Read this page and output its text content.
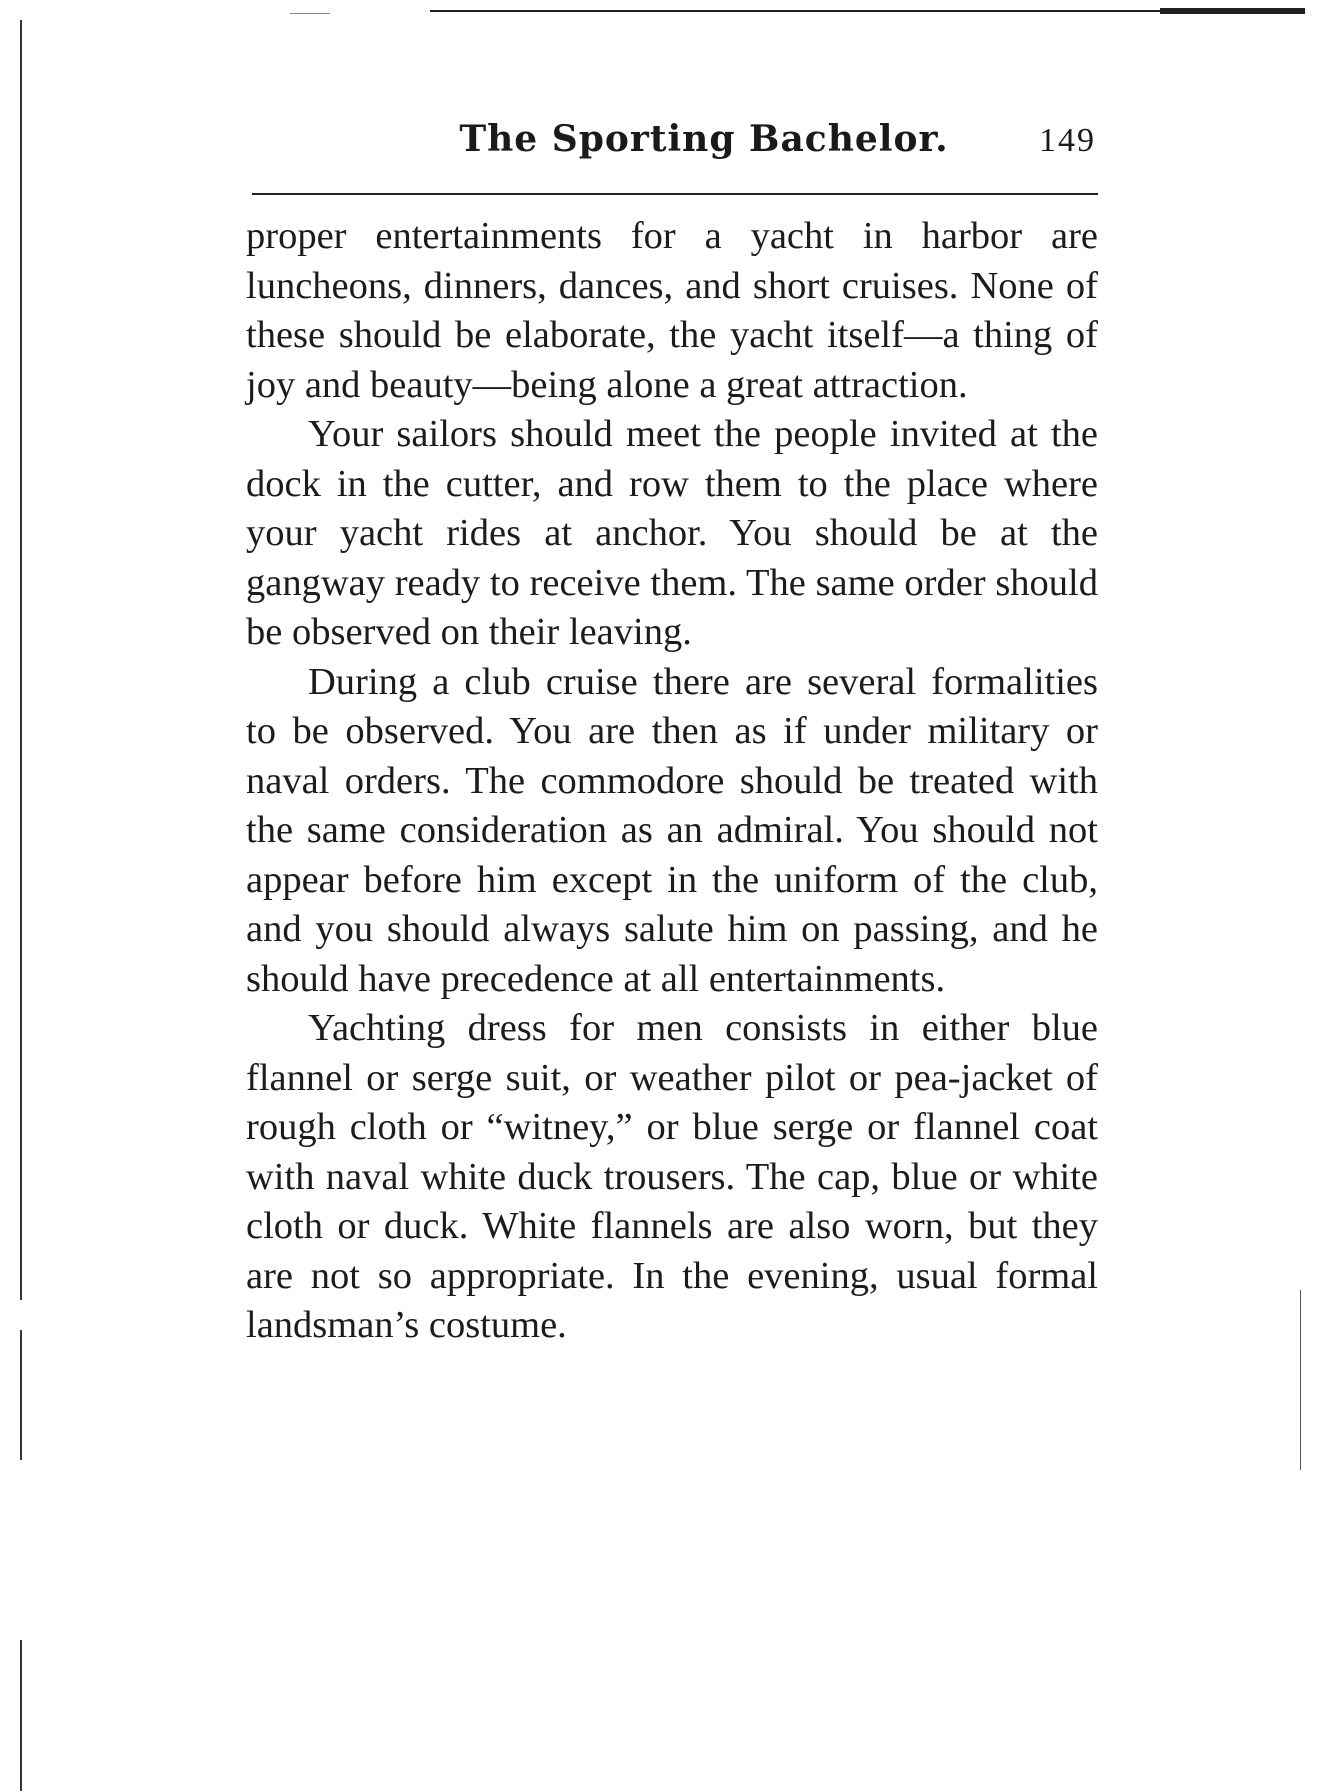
The Sporting Bachelor.	149

proper entertainments for a yacht in harbor are luncheons, dinners, dances, and short cruises. None of these should be elaborate, the yacht itself—a thing of joy and beauty—being alone a great attraction.

Your sailors should meet the people invited at the dock in the cutter, and row them to the place where your yacht rides at anchor. You should be at the gangway ready to receive them. The same order should be observed on their leaving.

During a club cruise there are several formalities to be observed. You are then as if under military or naval orders. The commodore should be treated with the same consideration as an admiral. You should not appear before him except in the uniform of the club, and you should always salute him on passing, and he should have precedence at all entertainments.

Yachting dress for men consists in either blue flannel or serge suit, or weather pilot or pea-jacket of rough cloth or “witney,” or blue serge or flannel coat with naval white duck trousers. The cap, blue or white cloth or duck. White flannels are also worn, but they are not so appropriate. In the evening, usual formal landsman’s costume.
